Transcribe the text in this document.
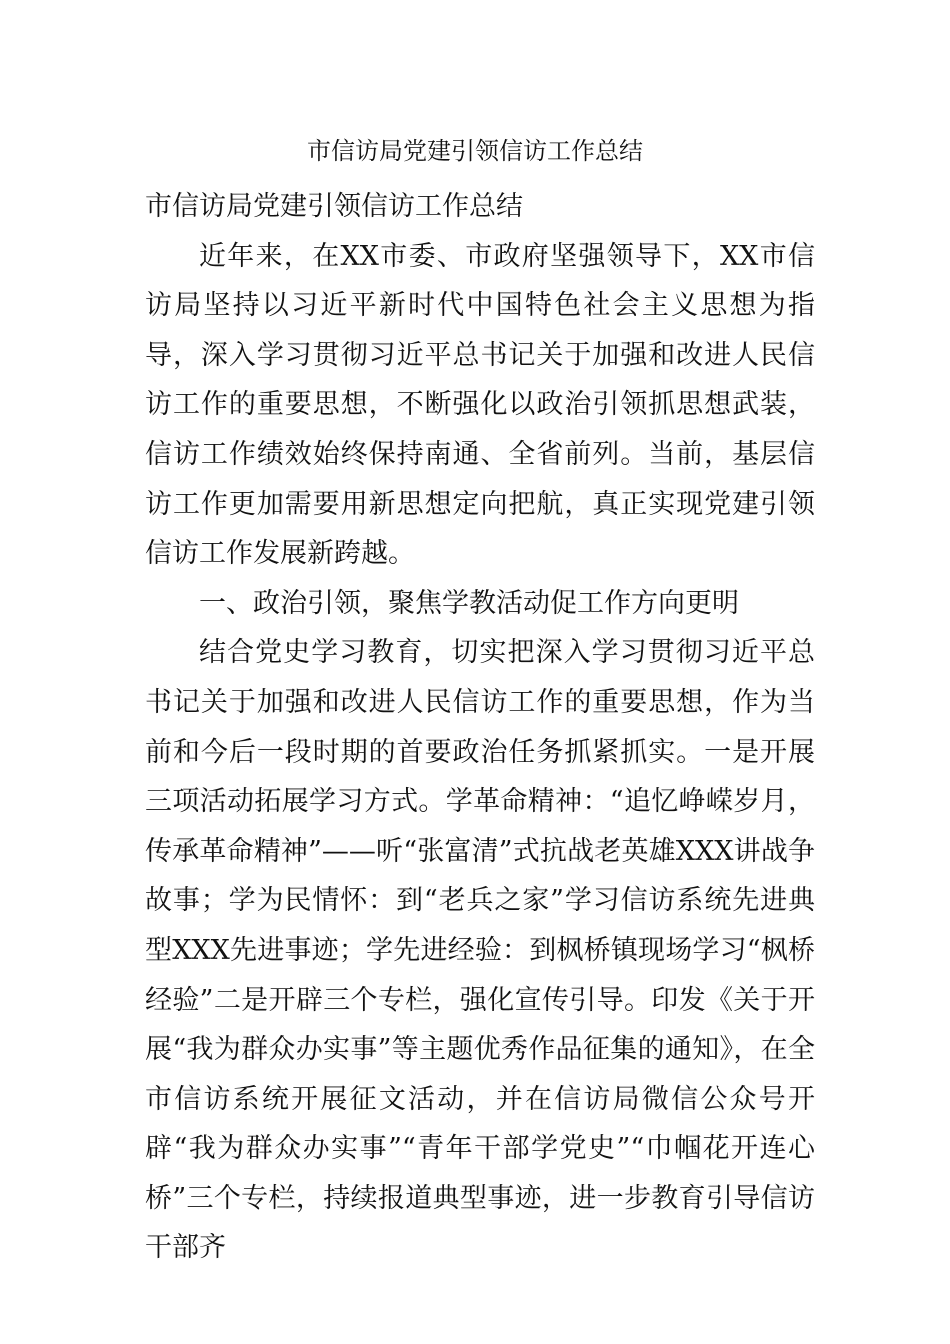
市信访局党建引领信访工作总结

市信访局党建引领信访工作总结

近年来，在XX市委、市政府坚强领导下，XX市信访局坚持以习近平新时代中国特色社会主义思想为指导，深入学习贯彻习近平总书记关于加强和改进人民信访工作的重要思想，不断强化以政治引领抓思想武装，信访工作绩效始终保持南通、全省前列。当前，基层信访工作更加需要用新思想定向把航，真正实现党建引领信访工作发展新跨越。

一、政治引领，聚焦学教活动促工作方向更明

结合党史学习教育，切实把深入学习贯彻习近平总书记关于加强和改进人民信访工作的重要思想，作为当前和今后一段时期的首要政治任务抓紧抓实。一是开展三项活动拓展学习方式。学革命精神：“追忆峥嵘岁月，传承革命精神”——听“张富清”式抗战老英雄XXX讲战争故事；学为民情怀：到“老兵之家”学习信访系统先进典型XXX先进事迹；学先进经验：到枫桥镇现场学习“枫桥经验”二是开辟三个专栏，强化宣传引导。印发《关于开展“我为群众办实事”等主题优秀作品征集的通知》，在全市信访系统开展征文活动，并在信访局微信公众号开辟“我为群众办实事”“青年干部学党史”“巾帼花开连心桥”三个专栏，持续报道典型事迹，进一步教育引导信访干部齐
